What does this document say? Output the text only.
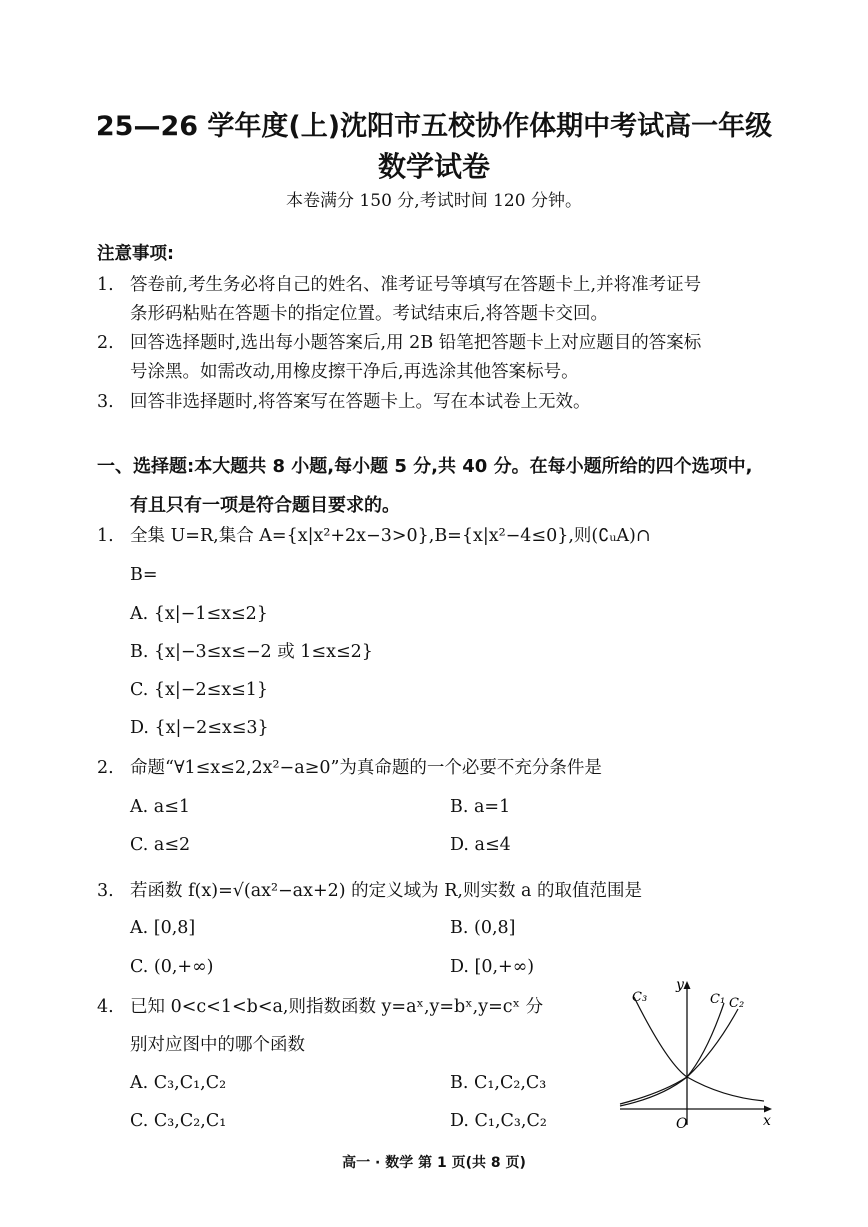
25—26 学年度(上)沈阳市五校协作体期中考试高一年级
数学试卷
本卷满分 150 分,考试时间 120 分钟。
注意事项:
1. 答卷前,考生务必将自己的姓名、准考证号等填写在答题卡上,并将准考证号
条形码粘贴在答题卡的指定位置。考试结束后,将答题卡交回。
2. 回答选择题时,选出每小题答案后,用 2B 铅笔把答题卡上对应题目的答案标
号涂黑。如需改动,用橡皮擦干净后,再选涂其他答案标号。
3. 回答非选择题时,将答案写在答题卡上。写在本试卷上无效。
一、选择题:本大题共 8 小题,每小题 5 分,共 40 分。在每小题所给的四个选项中,
有且只有一项是符合题目要求的。
1. 全集 U=R,集合 A={x|x²+2x−3>0},B={x|x²−4≤0},则(∁ᵤA)∩
B=
A. {x|−1≤x≤2}
B. {x|−3≤x≤−2 或 1≤x≤2}
C. {x|−2≤x≤1}
D. {x|−2≤x≤3}
2. 命题“∀1≤x≤2,2x²−a≥0”为真命题的一个必要不充分条件是
A. a≤1	B. a=1
C. a≤2	D. a≤4
3. 若函数 f(x)=√(ax²−ax+2) 的定义域为 R,则实数 a 的取值范围是
A. [0,8]	B. (0,8]
C. (0,+∞)	D. [0,+∞)
4. 已知 0<c<1<b<a,则指数函数 y=aˣ,y=bˣ,y=cˣ 分
别对应图中的哪个函数
A. C₃,C₁,C₂	B. C₁,C₂,C₃
C. C₃,C₂,C₁	D. C₁,C₃,C₂
y
x
O
C₃	C₁ C₂
高一 · 数学 第 1 页(共 8 页)
